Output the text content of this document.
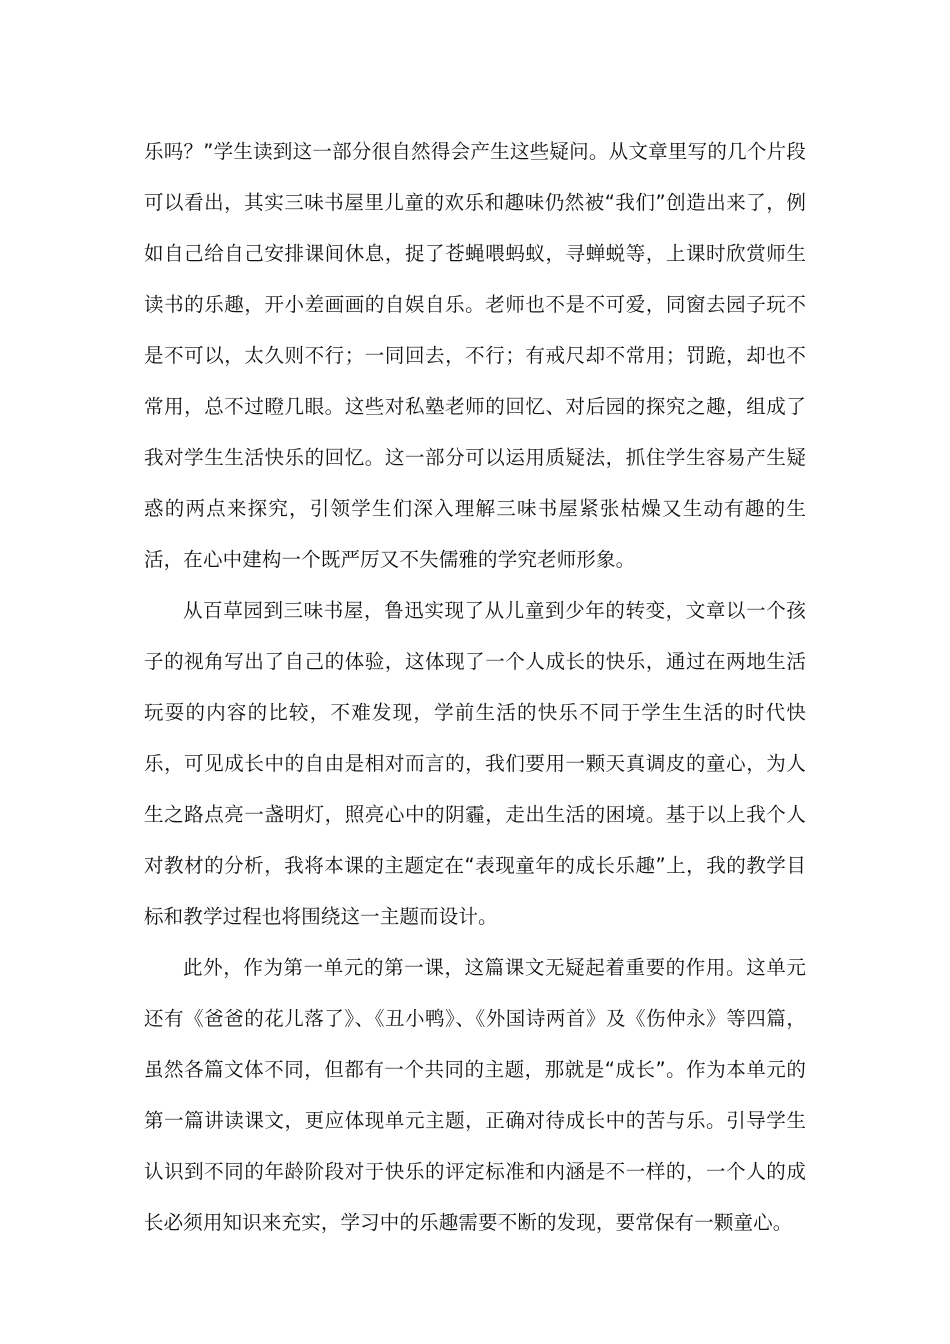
乐吗？”学生读到这一部分很自然得会产生这些疑问。从文章里写的几个片段可以看出，其实三味书屋里儿童的欢乐和趣味仍然被“我们”创造出来了，例如自己给自己安排课间休息，捉了苍蝇喂蚂蚁，寻蝉蜕等，上课时欣赏师生读书的乐趣，开小差画画的自娱自乐。老师也不是不可爱，同窗去园子玩不是不可以，太久则不行；一同回去，不行；有戒尺却不常用；罚跪，却也不常用，总不过瞪几眼。这些对私塾老师的回忆、对后园的探究之趣，组成了我对学生生活快乐的回忆。这一部分可以运用质疑法，抓住学生容易产生疑惑的两点来探究，引领学生们深入理解三味书屋紧张枯燥又生动有趣的生活，在心中建构一个既严厉又不失儒雅的学究老师形象。

从百草园到三味书屋，鲁迅实现了从儿童到少年的转变，文章以一个孩子的视角写出了自己的体验，这体现了一个人成长的快乐，通过在两地生活玩耍的内容的比较，不难发现，学前生活的快乐不同于学生生活的时代快乐，可见成长中的自由是相对而言的，我们要用一颗天真调皮的童心，为人生之路点亮一盏明灯，照亮心中的阴霾，走出生活的困境。基于以上我个人对教材的分析，我将本课的主题定在“表现童年的成长乐趣”上，我的教学目标和教学过程也将围绕这一主题而设计。

此外，作为第一单元的第一课，这篇课文无疑起着重要的作用。这单元还有《爸爸的花儿落了》、《丑小鸭》、《外国诗两首》及《伤仲永》等四篇，虽然各篇文体不同，但都有一个共同的主题，那就是“成长”。作为本单元的第一篇讲读课文，更应体现单元主题，正确对待成长中的苦与乐。引导学生认识到不同的年龄阶段对于快乐的评定标准和内涵是不一样的，一个人的成长必须用知识来充实，学习中的乐趣需要不断的发现，要常保有一颗童心。
